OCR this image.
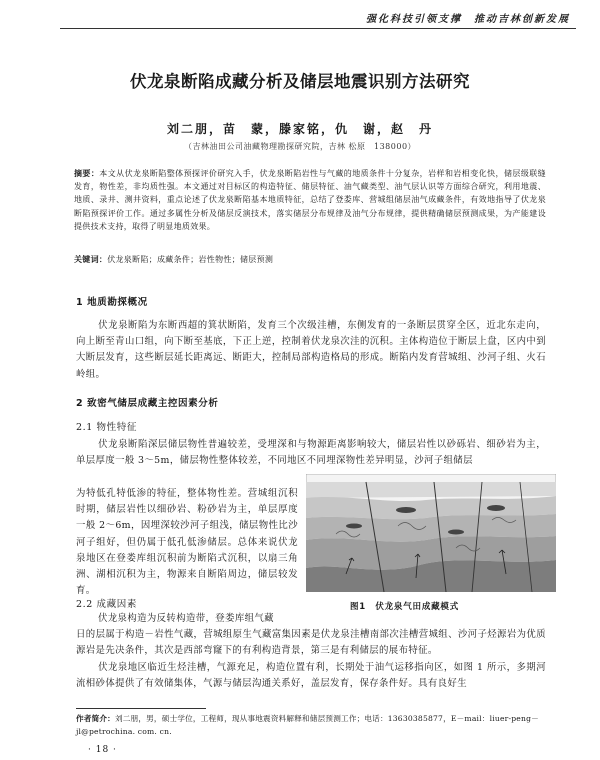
强化科技引领支撑　推动吉林创新发展
伏龙泉断陷成藏分析及储层地震识别方法研究
刘二朋，苗　蒙，滕家铭，仇　谢，赵　丹
（吉林油田公司油藏物理勘探研究院，吉林 松原　138000）
摘要：本文从伏龙泉断陷整体预探评价研究入手，伏龙泉断陷岩性与气藏的地质条件十分复杂，岩样和岩相变化快，储层级联缝发育，物性差，非均质性强。本文通过对目标区的构造特征、储层特征、油气藏类型、油气层认识等方面综合研究，利用地震、地质、录井、测井资料，重点论述了伏龙泉断陷基本地质特征，总结了登娄库、营城组储层油气成藏条件，有效地指导了伏龙泉断陷预探评价工作。通过多属性分析及储层反演技术，落实储层分布规律及油气分布规律，提供精确储层预测成果，为产能建设提供技术支持，取得了明显地质效果。
关键词：伏龙泉断陷；成藏条件；岩性物性；储层预测
1 地质勘探概况
伏龙泉断陷为东断西超的箕状断陷，发育三个次级洼槽，东侧发育的一条断层贯穿全区，近北东走向，向上断至青山口组，向下断至基底，下正上逆，控制着伏龙泉次洼的沉积。主体构造位于断层上盘，区内中到大断层发育，这些断层延长距离远、断距大，控制局部构造格局的形成。断陷内发育营城组、沙河子组、火石岭组。
2 致密气储层成藏主控因素分析
2.1 物性特征
伏龙泉断陷深层储层物性普遍较差，受埋深和与物源距离影响较大，储层岩性以砂砾岩、细砂岩为主，单层厚度一般 3～5m，储层物性整体较差，不同地区不同埋深物性差异明显，沙河子组储层
为特低孔特低渗的特征，整体物性差。营城组沉积时期，储层岩性以细砂岩、粉砂岩为主，单层厚度一般 2～6m，因埋深较沙河子组浅，储层物性比沙河子组好，但仍属于低孔低渗储层。总体来说伏龙泉地区在登娄库组沉积前为断陷式沉积，以扇三角洲、湖相沉积为主，物源来自断陷周边，储层较发育。
2.2 成藏因素
伏龙泉构造为反转构造带，登娄库组气藏
日的层属于构造－岩性气藏，营城组原生气藏富集因素是伏龙泉洼槽南部次洼槽营城组、沙河子烃源岩为优质源岩是先决条件，其次是西部弯窿下的有利构造背景，第三是有利储层的展布特征。
伏龙泉地区临近生烃洼槽，气源充足，构造位置有利，长期处于油气运移指向区，如图 1 所示，多期河流相砂体提供了有效储集体，气源与储层沟通关系好，盖层发育，保存条件好。具有良好生
图1　伏龙泉气田成藏模式
作者简介：刘二朋，男，硕士学位，工程师，现从事地震资料解释和储层预测工作；电话：13630385877，E－mail：liuer-peng－jl@petrochina. com. cn.
· 18 ·
